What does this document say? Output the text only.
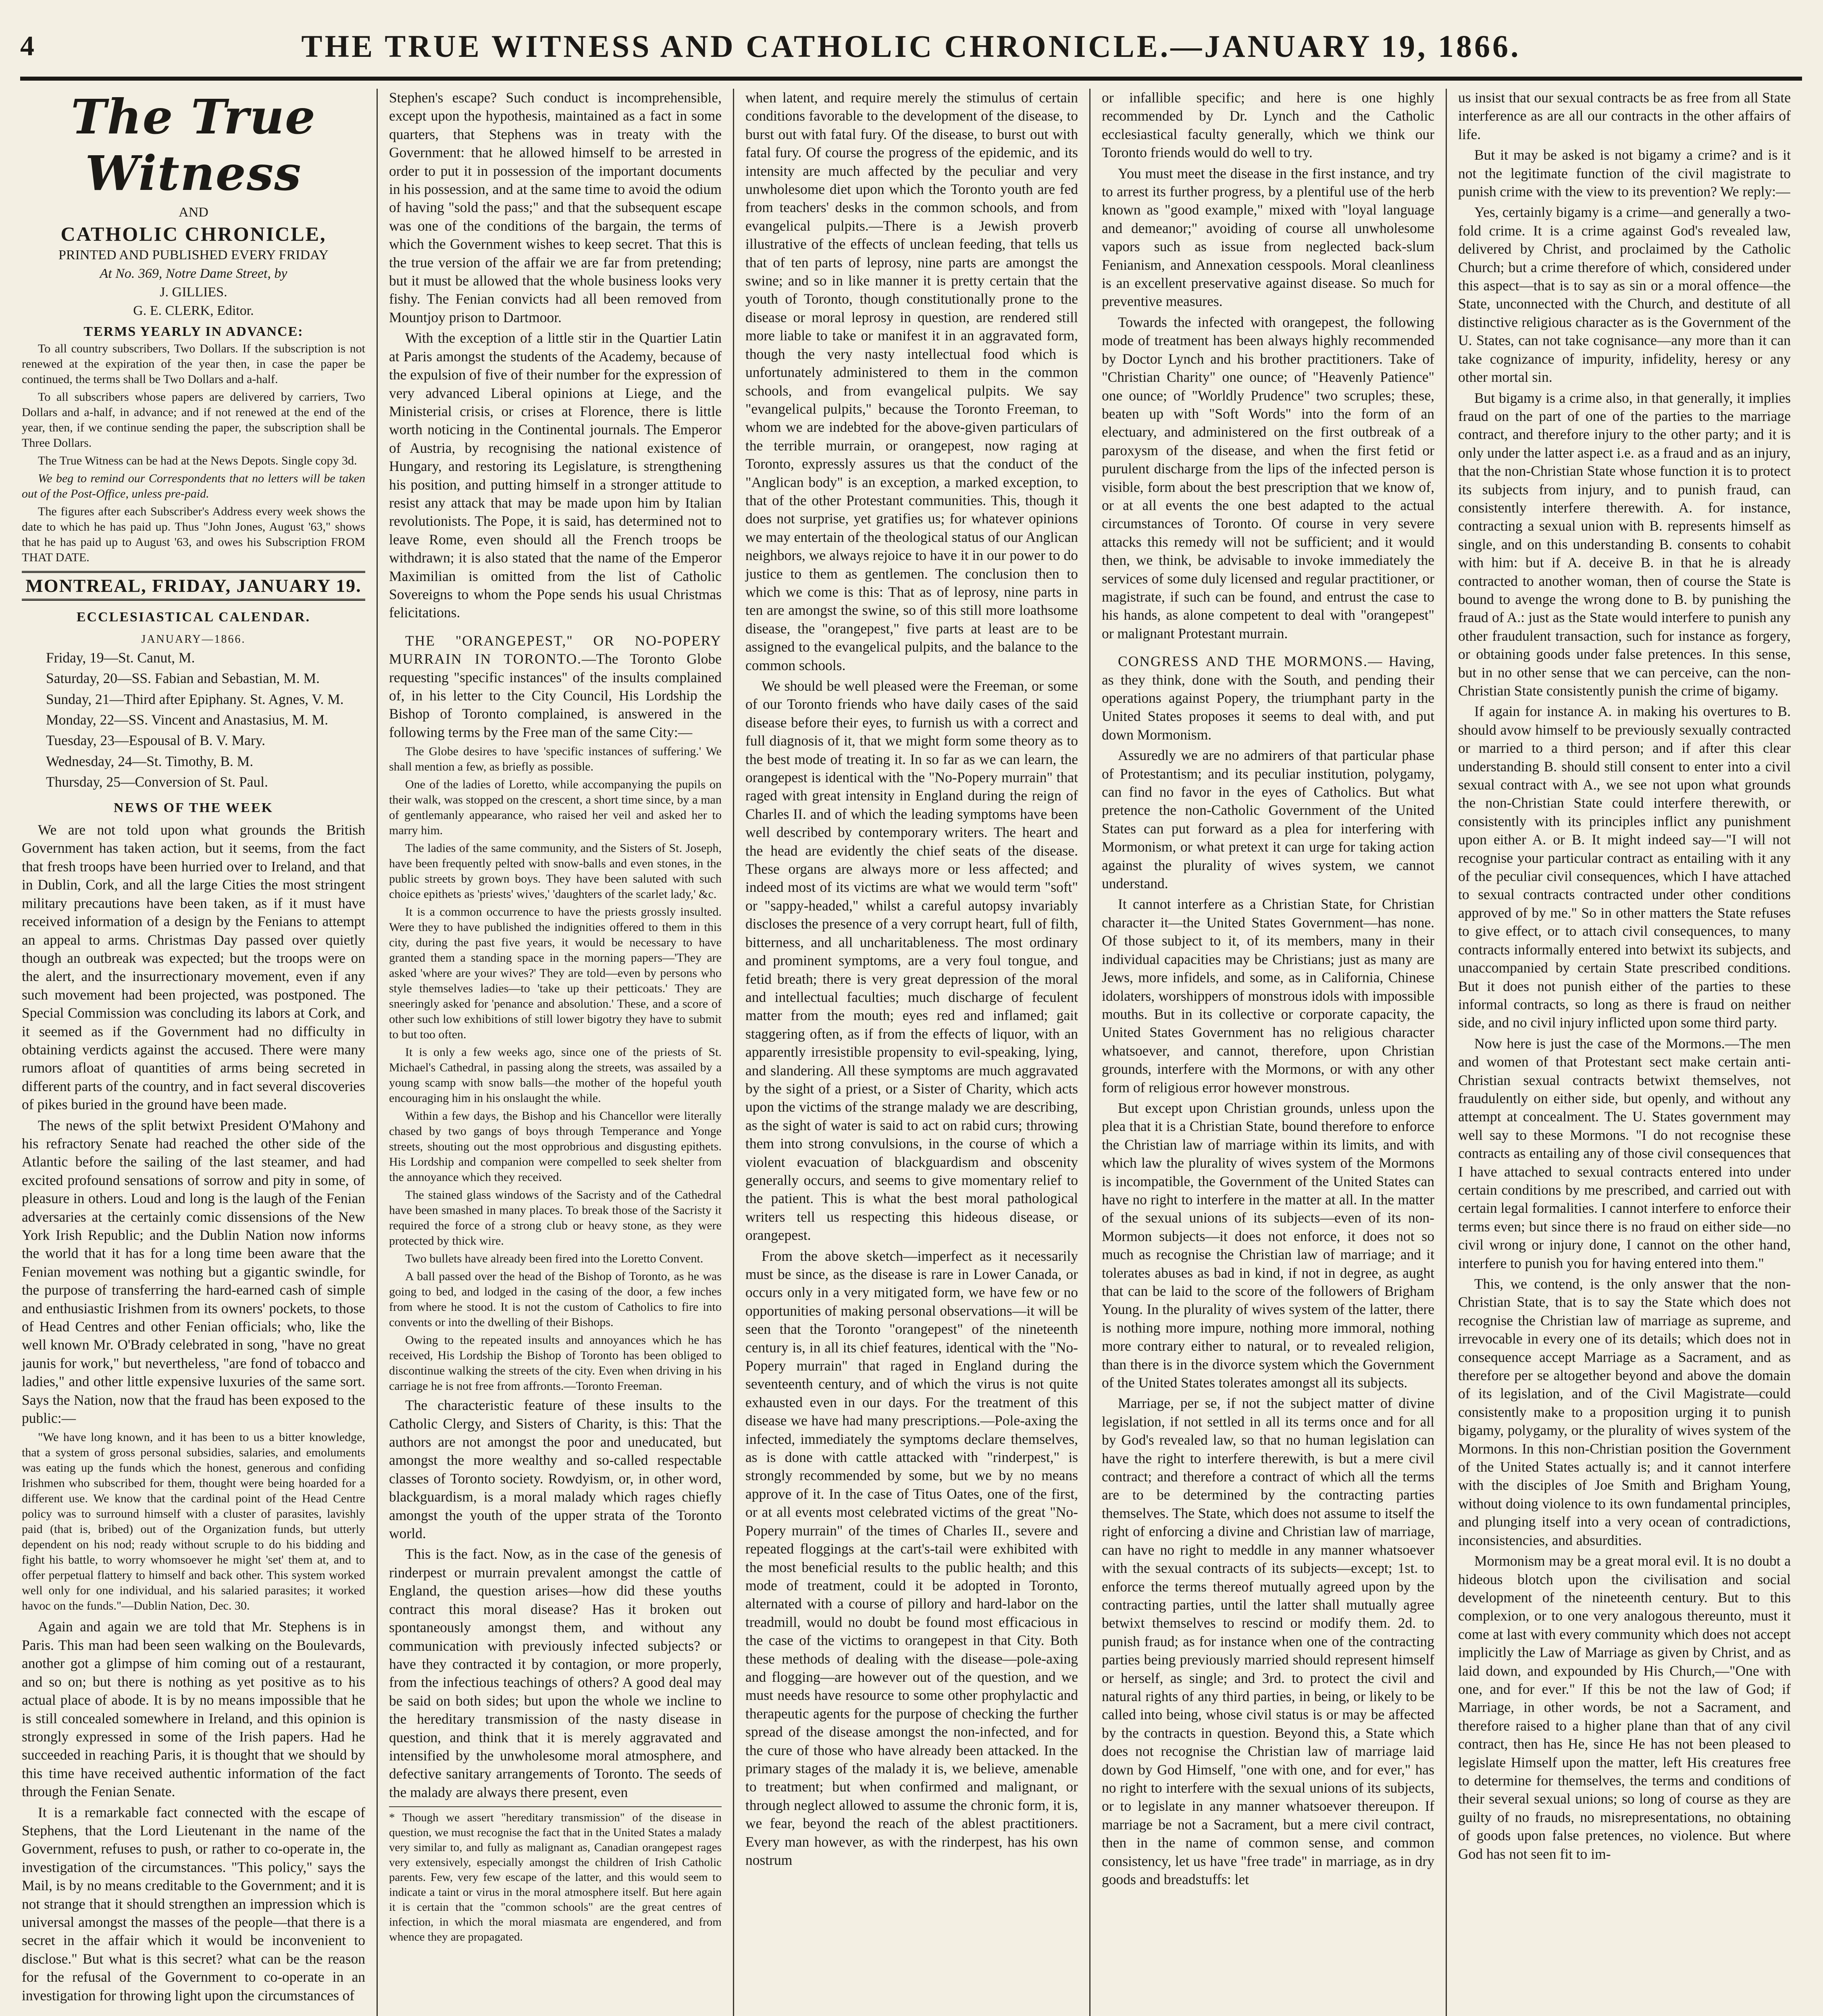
4	THE TRUE WITNESS AND CATHOLIC CHRONICLE.—JANUARY 19, 1866.
The True Witness
AND
CATHOLIC CHRONICLE,
PRINTED AND PUBLISHED EVERY FRIDAY
At No. 369, Notre Dame Street, by
J. GILLIES.
G. E. CLERK, Editor.
TERMS YEARLY IN ADVANCE:

To all country subscribers, Two Dollars. If the subscription is not renewed at the expiration of the year then, in case the paper be continued, the terms shall be Two Dollars and a-half.

To all subscribers whose papers are delivered by carriers, Two Dollars and a-half, in advance; and if not renewed at the end of the year, then, if we continue sending the paper, the subscription shall be Three Dollars.

The True Witness can be had at the News Depots. Single copy 3d.

We beg to remind our Correspondents that no letters will be taken out of the Post-Office, unless pre-paid.

The figures after each Subscriber's Address every week shows the date to which he has paid up. Thus "John Jones, August '63," shows that he has paid up to August '63, and owes his Subscription FROM THAT DATE.

MONTREAL, FRIDAY, JANUARY 19.
ECCLESIASTICAL CALENDAR.
JANUARY—1866.

Friday, 19—St. Canut, M.

Saturday, 20—SS. Fabian and Sebastian, M. M.

Sunday, 21—Third after Epiphany. St. Agnes, V. M.

Monday, 22—SS. Vincent and Anastasius, M. M.

Tuesday, 23—Espousal of B. V. Mary.

Wednesday, 24—St. Timothy, B. M.

Thursday, 25—Conversion of St. Paul.

NEWS OF THE WEEK

We are not told upon what grounds the British Government has taken action, but it seems, from the fact that fresh troops have been hurried over to Ireland, and that in Dublin, Cork, and all the large Cities the most stringent military precautions have been taken, as if it must have received information of a design by the Fenians to attempt an appeal to arms. Christmas Day passed over quietly though an outbreak was expected; but the troops were on the alert, and the insurrectionary movement, even if any such movement had been projected, was postponed. The Special Commission was concluding its labors at Cork, and it seemed as if the Government had no difficulty in obtaining verdicts against the accused. There were many rumors afloat of quantities of arms being secreted in different parts of the country, and in fact several discoveries of pikes buried in the ground have been made.

The news of the split betwixt President O'Mahony and his refractory Senate had reached the other side of the Atlantic before the sailing of the last steamer, and had excited profound sensations of sorrow and pity in some, of pleasure in others. Loud and long is the laugh of the Fenian adversaries at the certainly comic dissensions of the New York Irish Republic; and the Dublin Nation now informs the world that it has for a long time been aware that the Fenian movement was nothing but a gigantic swindle, for the purpose of transferring the hard-earned cash of simple and enthusiastic Irishmen from its owners' pockets, to those of Head Centres and other Fenian officials; who, like the well known Mr. O'Brady celebrated in song, "have no great jaunis for work," but nevertheless, "are fond of tobacco and ladies," and other little expensive luxuries of the same sort. Says the Nation, now that the fraud has been exposed to the public:—

"We have long known, and it has been to us a bitter knowledge, that a system of gross personal subsidies, salaries, and emoluments was eating up the funds which the honest, generous and confiding Irishmen who subscribed for them, thought were being hoarded for a different use. We know that the cardinal point of the Head Centre policy was to surround himself with a cluster of parasites, lavishly paid (that is, bribed) out of the Organization funds, but utterly dependent on his nod; ready without scruple to do his bidding and fight his battle, to worry whomsoever he might 'set' them at, and to offer perpetual flattery to himself and back other. This system worked well only for one individual, and his salaried parasites; it worked havoc on the funds."—Dublin Nation, Dec. 30.

Again and again we are told that Mr. Stephens is in Paris. This man had been seen walking on the Boulevards, another got a glimpse of him coming out of a restaurant, and so on; but there is nothing as yet positive as to his actual place of abode. It is by no means impossible that he is still concealed somewhere in Ireland, and this opinion is strongly expressed in some of the Irish papers. Had he succeeded in reaching Paris, it is thought that we should by this time have received authentic information of the fact through the Fenian Senate.

It is a remarkable fact connected with the escape of Stephens, that the Lord Lieutenant in the name of the Government, refuses to push, or rather to co-operate in, the investigation of the circumstances. "This policy," says the Mail, is by no means creditable to the Government; and it is not strange that it should strengthen an impression which is universal amongst the masses of the people—that there is a secret in the affair which it would be inconvenient to disclose." But what is this secret? what can be the reason for the refusal of the Government to co-operate in an investigation for throwing light upon the circumstances of

Stephen's escape? Such conduct is incomprehensible, except upon the hypothesis, maintained as a fact in some quarters, that Stephens was in treaty with the Government: that he allowed himself to be arrested in order to put it in possession of the important documents in his possession, and at the same time to avoid the odium of having "sold the pass;" and that the subsequent escape was one of the conditions of the bargain, the terms of which the Government wishes to keep secret. That this is the true version of the affair we are far from pretending; but it must be allowed that the whole business looks very fishy. The Fenian convicts had all been removed from Mountjoy prison to Dartmoor.

With the exception of a little stir in the Quartier Latin at Paris amongst the students of the Academy, because of the expulsion of five of their number for the expression of very advanced Liberal opinions at Liege, and the Ministerial crisis, or crises at Florence, there is little worth noticing in the Continental journals. The Emperor of Austria, by recognising the national existence of Hungary, and restoring its Legislature, is strengthening his position, and putting himself in a stronger attitude to resist any attack that may be made upon him by Italian revolutionists. The Pope, it is said, has determined not to leave Rome, even should all the French troops be withdrawn; it is also stated that the name of the Emperor Maximilian is omitted from the list of Catholic Sovereigns to whom the Pope sends his usual Christmas felicitations.

THE "ORANGEPEST," OR NO-POPERY MURRAIN IN TORONTO.—The Toronto Globe requesting "specific instances" of the insults complained of, in his letter to the City Council, His Lordship the Bishop of Toronto complained, is answered in the following terms by the Free man of the same City:—

The Globe desires to have 'specific instances of suffering.' We shall mention a few, as briefly as possible.

One of the ladies of Loretto, while accompanying the pupils on their walk, was stopped on the crescent, a short time since, by a man of gentlemanly appearance, who raised her veil and asked her to marry him.

The ladies of the same community, and the Sisters of St. Joseph, have been frequently pelted with snow-balls and even stones, in the public streets by grown boys. They have been saluted with such choice epithets as 'priests' wives,' 'daughters of the scarlet lady,' &c.

It is a common occurrence to have the priests grossly insulted. Were they to have published the indignities offered to them in this city, during the past five years, it would be necessary to have granted them a standing space in the morning papers—'They are asked 'where are your wives?' They are told—even by persons who style themselves ladies—to 'take up their petticoats.' They are sneeringly asked for 'penance and absolution.' These, and a score of other such low exhibitions of still lower bigotry they have to submit to but too often.

It is only a few weeks ago, since one of the priests of St. Michael's Cathedral, in passing along the streets, was assailed by a young scamp with snow balls—the mother of the hopeful youth encouraging him in his onslaught the while.

Within a few days, the Bishop and his Chancellor were literally chased by two gangs of boys through Temperance and Yonge streets, shouting out the most opprobrious and disgusting epithets. His Lordship and companion were compelled to seek shelter from the annoyance which they received.

The stained glass windows of the Sacristy and of the Cathedral have been smashed in many places. To break those of the Sacristy it required the force of a strong club or heavy stone, as they were protected by thick wire.

Two bullets have already been fired into the Loretto Convent.

A ball passed over the head of the Bishop of Toronto, as he was going to bed, and lodged in the casing of the door, a few inches from where he stood. It is not the custom of Catholics to fire into convents or into the dwelling of their Bishops.

Owing to the repeated insults and annoyances which he has received, His Lordship the Bishop of Toronto has been obliged to discontinue walking the streets of the city. Even when driving in his carriage he is not free from affronts.—Toronto Freeman.

The characteristic feature of these insults to the Catholic Clergy, and Sisters of Charity, is this: That the authors are not amongst the poor and uneducated, but amongst the more wealthy and so-called respectable classes of Toronto society. Rowdyism, or, in other word, blackguardism, is a moral malady which rages chiefly amongst the youth of the upper strata of the Toronto world.

This is the fact. Now, as in the case of the genesis of rinderpest or murrain prevalent amongst the cattle of England, the question arises—how did these youths contract this moral disease? Has it broken out spontaneously amongst them, and without any communication with previously infected subjects? or have they contracted it by contagion, or more properly, from the infectious teachings of others? A good deal may be said on both sides; but upon the whole we incline to the hereditary transmission of the nasty disease in question, and think that it is merely aggravated and intensified by the unwholesome moral atmosphere, and defective sanitary arrangements of Toronto. The seeds of the malady are always there present, even

* Though we assert "hereditary transmission" of the disease in question, we must recognise the fact that in the United States a malady very similar to, and fully as malignant as, Canadian orangepest rages very extensively, especially amongst the children of Irish Catholic parents. Few, very few escape of the latter, and this would seem to indicate a taint or virus in the moral atmosphere itself. But here again it is certain that the "common schools" are the great centres of infection, in which the moral miasmata are engendered, and from whence they are propagated.

when latent, and require merely the stimulus of certain conditions favorable to the development of the disease, to burst out with fatal fury. Of the disease, to burst out with fatal fury. Of course the progress of the epidemic, and its intensity are much affected by the peculiar and very unwholesome diet upon which the Toronto youth are fed from teachers' desks in the common schools, and from evangelical pulpits.—There is a Jewish proverb illustrative of the effects of unclean feeding, that tells us that of ten parts of leprosy, nine parts are amongst the swine; and so in like manner it is pretty certain that the youth of Toronto, though constitutionally prone to the disease or moral leprosy in question, are rendered still more liable to take or manifest it in an aggravated form, though the very nasty intellectual food which is unfortunately administered to them in the common schools, and from evangelical pulpits. We say "evangelical pulpits," because the Toronto Freeman, to whom we are indebted for the above-given particulars of the terrible murrain, or orangepest, now raging at Toronto, expressly assures us that the conduct of the "Anglican body" is an exception, a marked exception, to that of the other Protestant communities. This, though it does not surprise, yet gratifies us; for whatever opinions we may entertain of the theological status of our Anglican neighbors, we always rejoice to have it in our power to do justice to them as gentlemen. The conclusion then to which we come is this: That as of leprosy, nine parts in ten are amongst the swine, so of this still more loathsome disease, the "orangepest," five parts at least are to be assigned to the evangelical pulpits, and the balance to the common schools.

We should be well pleased were the Freeman, or some of our Toronto friends who have daily cases of the said disease before their eyes, to furnish us with a correct and full diagnosis of it, that we might form some theory as to the best mode of treating it. In so far as we can learn, the orangepest is identical with the "No-Popery murrain" that raged with great intensity in England during the reign of Charles II. and of which the leading symptoms have been well described by contemporary writers. The heart and the head are evidently the chief seats of the disease. These organs are always more or less affected; and indeed most of its victims are what we would term "soft" or "sappy-headed," whilst a careful autopsy invariably discloses the presence of a very corrupt heart, full of filth, bitterness, and all uncharitableness. The most ordinary and prominent symptoms, are a very foul tongue, and fetid breath; there is very great depression of the moral and intellectual faculties; much discharge of feculent matter from the mouth; eyes red and inflamed; gait staggering often, as if from the effects of liquor, with an apparently irresistible propensity to evil-speaking, lying, and slandering. All these symptoms are much aggravated by the sight of a priest, or a Sister of Charity, which acts upon the victims of the strange malady we are describing, as the sight of water is said to act on rabid curs; throwing them into strong convulsions, in the course of which a violent evacuation of blackguardism and obscenity generally occurs, and seems to give momentary relief to the patient. This is what the best moral pathological writers tell us respecting this hideous disease, or orangepest.

From the above sketch—imperfect as it necessarily must be since, as the disease is rare in Lower Canada, or occurs only in a very mitigated form, we have few or no opportunities of making personal observations—it will be seen that the Toronto "orangepest" of the nineteenth century is, in all its chief features, identical with the "No-Popery murrain" that raged in England during the seventeenth century, and of which the virus is not quite exhausted even in our days. For the treatment of this disease we have had many prescriptions.—Pole-axing the infected, immediately the symptoms declare themselves, as is done with cattle attacked with "rinderpest," is strongly recommended by some, but we by no means approve of it. In the case of Titus Oates, one of the first, or at all events most celebrated victims of the great "No-Popery murrain" of the times of Charles II., severe and repeated floggings at the cart's-tail were exhibited with the most beneficial results to the public health; and this mode of treatment, could it be adopted in Toronto, alternated with a course of pillory and hard-labor on the treadmill, would no doubt be found most efficacious in the case of the victims to orangepest in that City. Both these methods of dealing with the disease—pole-axing and flogging—are however out of the question, and we must needs have resource to some other prophylactic and therapeutic agents for the purpose of checking the further spread of the disease amongst the non-infected, and for the cure of those who have already been attacked. In the primary stages of the malady it is, we believe, amenable to treatment; but when confirmed and malignant, or through neglect allowed to assume the chronic form, it is, we fear, beyond the reach of the ablest practitioners. Every man however, as with the rinderpest, has his own nostrum

or infallible specific; and here is one highly recommended by Dr. Lynch and the Catholic ecclesiastical faculty generally, which we think our Toronto friends would do well to try.

You must meet the disease in the first instance, and try to arrest its further progress, by a plentiful use of the herb known as "good example," mixed with "loyal language and demeanor;" avoiding of course all unwholesome vapors such as issue from neglected back-slum Fenianism, and Annexation cesspools. Moral cleanliness is an excellent preservative against disease. So much for preventive measures.

Towards the infected with orangepest, the following mode of treatment has been always highly recommended by Doctor Lynch and his brother practitioners. Take of "Christian Charity" one ounce; of "Heavenly Patience" one ounce; of "Worldly Prudence" two scruples; these, beaten up with "Soft Words" into the form of an electuary, and administered on the first outbreak of a paroxysm of the disease, and when the first fetid or purulent discharge from the lips of the infected person is visible, form about the best prescription that we know of, or at all events the one best adapted to the actual circumstances of Toronto. Of course in very severe attacks this remedy will not be sufficient; and it would then, we think, be advisable to invoke immediately the services of some duly licensed and regular practitioner, or magistrate, if such can be found, and entrust the case to his hands, as alone competent to deal with "orangepest" or malignant Protestant murrain.

CONGRESS AND THE MORMONS.— Having, as they think, done with the South, and pending their operations against Popery, the triumphant party in the United States proposes it seems to deal with, and put down Mormonism.

Assuredly we are no admirers of that particular phase of Protestantism; and its peculiar institution, polygamy, can find no favor in the eyes of Catholics. But what pretence the non-Catholic Government of the United States can put forward as a plea for interfering with Mormonism, or what pretext it can urge for taking action against the plurality of wives system, we cannot understand.

It cannot interfere as a Christian State, for Christian character it—the United States Government—has none. Of those subject to it, of its members, many in their individual capacities may be Christians; just as many are Jews, more infidels, and some, as in California, Chinese idolaters, worshippers of monstrous idols with impossible mouths. But in its collective or corporate capacity, the United States Government has no religious character whatsoever, and cannot, therefore, upon Christian grounds, interfere with the Mormons, or with any other form of religious error however monstrous.

But except upon Christian grounds, unless upon the plea that it is a Christian State, bound therefore to enforce the Christian law of marriage within its limits, and with which law the plurality of wives system of the Mormons is incompatible, the Government of the United States can have no right to interfere in the matter at all. In the matter of the sexual unions of its subjects—even of its non-Mormon subjects—it does not enforce, it does not so much as recognise the Christian law of marriage; and it tolerates abuses as bad in kind, if not in degree, as aught that can be laid to the score of the followers of Brigham Young. In the plurality of wives system of the latter, there is nothing more impure, nothing more immoral, nothing more contrary either to natural, or to revealed religion, than there is in the divorce system which the Government of the United States tolerates amongst all its subjects.

Marriage, per se, if not the subject matter of divine legislation, if not settled in all its terms once and for all by God's revealed law, so that no human legislation can have the right to interfere therewith, is but a mere civil contract; and therefore a contract of which all the terms are to be determined by the contracting parties themselves. The State, which does not assume to itself the right of enforcing a divine and Christian law of marriage, can have no right to meddle in any manner whatsoever with the sexual contracts of its subjects—except; 1st. to enforce the terms thereof mutually agreed upon by the contracting parties, until the latter shall mutually agree betwixt themselves to rescind or modify them. 2d. to punish fraud; as for instance when one of the contracting parties being previously married should represent himself or herself, as single; and 3rd. to protect the civil and natural rights of any third parties, in being, or likely to be called into being, whose civil status is or may be affected by the contracts in question. Beyond this, a State which does not recognise the Christian law of marriage laid down by God Himself, "one with one, and for ever," has no right to interfere with the sexual unions of its subjects, or to legislate in any manner whatsoever thereupon. If marriage be not a Sacrament, but a mere civil contract, then in the name of common sense, and common consistency, let us have "free trade" in marriage, as in dry goods and breadstuffs: let

us insist that our sexual contracts be as free from all State interference as are all our contracts in the other affairs of life.

But it may be asked is not bigamy a crime? and is it not the legitimate function of the civil magistrate to punish crime with the view to its prevention? We reply:—

Yes, certainly bigamy is a crime—and generally a two-fold crime. It is a crime against God's revealed law, delivered by Christ, and proclaimed by the Catholic Church; but a crime therefore of which, considered under this aspect—that is to say as sin or a moral offence—the State, unconnected with the Church, and destitute of all distinctive religious character as is the Government of the U. States, can not take cognisance—any more than it can take cognizance of impurity, infidelity, heresy or any other mortal sin.

But bigamy is a crime also, in that generally, it implies fraud on the part of one of the parties to the marriage contract, and therefore injury to the other party; and it is only under the latter aspect i.e. as a fraud and as an injury, that the non-Christian State whose function it is to protect its subjects from injury, and to punish fraud, can consistently interfere therewith. A. for instance, contracting a sexual union with B. represents himself as single, and on this understanding B. consents to cohabit with him: but if A. deceive B. in that he is already contracted to another woman, then of course the State is bound to avenge the wrong done to B. by punishing the fraud of A.: just as the State would interfere to punish any other fraudulent transaction, such for instance as forgery, or obtaining goods under false pretences. In this sense, but in no other sense that we can perceive, can the non-Christian State consistently punish the crime of bigamy.

If again for instance A. in making his overtures to B. should avow himself to be previously sexually contracted or married to a third person; and if after this clear understanding B. should still consent to enter into a civil sexual contract with A., we see not upon what grounds the non-Christian State could interfere therewith, or consistently with its principles inflict any punishment upon either A. or B. It might indeed say—"I will not recognise your particular contract as entailing with it any of the peculiar civil consequences, which I have attached to sexual contracts contracted under other conditions approved of by me." So in other matters the State refuses to give effect, or to attach civil consequences, to many contracts informally entered into betwixt its subjects, and unaccompanied by certain State prescribed conditions. But it does not punish either of the parties to these informal contracts, so long as there is fraud on neither side, and no civil injury inflicted upon some third party.

Now here is just the case of the Mormons.—The men and women of that Protestant sect make certain anti-Christian sexual contracts betwixt themselves, not fraudulently on either side, but openly, and without any attempt at concealment. The U. States government may well say to these Mormons. "I do not recognise these contracts as entailing any of those civil consequences that I have attached to sexual contracts entered into under certain conditions by me prescribed, and carried out with certain legal formalities. I cannot interfere to enforce their terms even; but since there is no fraud on either side—no civil wrong or injury done, I cannot on the other hand, interfere to punish you for having entered into them."

This, we contend, is the only answer that the non-Christian State, that is to say the State which does not recognise the Christian law of marriage as supreme, and irrevocable in every one of its details; which does not in consequence accept Marriage as a Sacrament, and as therefore per se altogether beyond and above the domain of its legislation, and of the Civil Magistrate—could consistently make to a proposition urging it to punish bigamy, polygamy, or the plurality of wives system of the Mormons. In this non-Christian position the Government of the United States actually is; and it cannot interfere with the disciples of Joe Smith and Brigham Young, without doing violence to its own fundamental principles, and plunging itself into a very ocean of contradictions, inconsistencies, and absurdities.

Mormonism may be a great moral evil. It is no doubt a hideous blotch upon the civilisation and social development of the nineteenth century. But to this complexion, or to one very analogous thereunto, must it come at last with every community which does not accept implicitly the Law of Marriage as given by Christ, and as laid down, and expounded by His Church,—"One with one, and for ever." If this be not the law of God; if Marriage, in other words, be not a Sacrament, and therefore raised to a higher plane than that of any civil contract, then has He, since He has not been pleased to legislate Himself upon the matter, left His creatures free to determine for themselves, the terms and conditions of their several sexual unions; so long of course as they are guilty of no frauds, no misrepresentations, no obtaining of goods upon false pretences, no violence. But where God has not seen fit to im-
